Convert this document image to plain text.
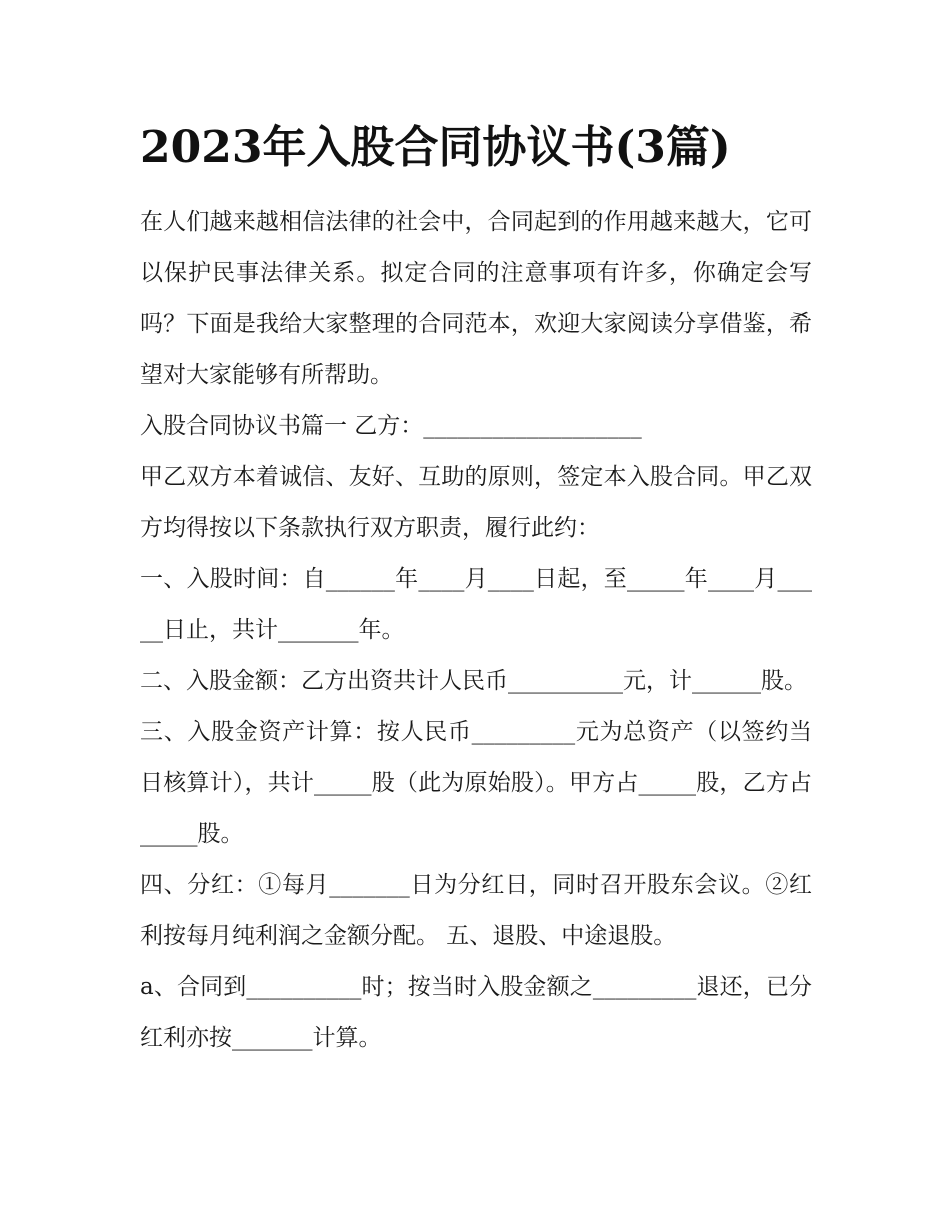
2023年入股合同协议书(3篇)

在人们越来越相信法律的社会中，合同起到的作用越来越大，它可以保护民事法律关系。拟定合同的注意事项有许多，你确定会写吗？下面是我给大家整理的合同范本，欢迎大家阅读分享借鉴，希望对大家能够有所帮助。

入股合同协议书篇一 乙方：___________________

甲乙双方本着诚信、友好、互助的原则，签定本入股合同。甲乙双方均得按以下条款执行双方职责，履行此约：

一、入股时间：自______年____月____日起，至_____年____月_____日止，共计_______年。

二、入股金额：乙方出资共计人民币__________元，计______股。

三、入股金资产计算：按人民币_________元为总资产（以签约当日核算计），共计_____股（此为原始股）。甲方占_____股，乙方占_____股。

四、分红：①每月_______日为分红日，同时召开股东会议。②红利按每月纯利润之金额分配。 五、退股、中途退股。

a、合同到__________时；按当时入股金额之_________退还，已分红利亦按_______计算。
